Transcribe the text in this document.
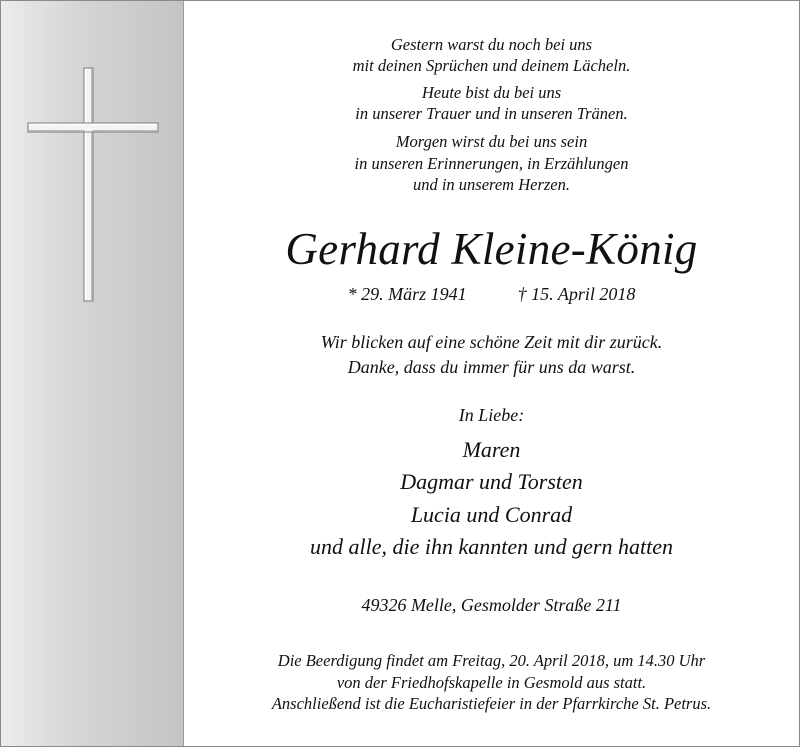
Gestern warst du noch bei uns
mit deinen Sprüchen und deinem Lächeln.
Heute bist du bei uns
in unserer Trauer und in unseren Tränen.
Morgen wirst du bei uns sein
in unseren Erinnerungen, in Erzählungen
und in unserem Herzen.
Gerhard Kleine-König
* 29. März 1941	† 15. April 2018
Wir blicken auf eine schöne Zeit mit dir zurück.
Danke, dass du immer für uns da warst.
In Liebe:
Maren
Dagmar und Torsten
Lucia und Conrad
und alle, die ihn kannten und gern hatten
49326 Melle, Gesmolder Straße 211
Die Beerdigung findet am Freitag, 20. April 2018, um 14.30 Uhr
von der Friedhofskapelle in Gesmold aus statt.
Anschließend ist die Eucharistiefeier in der Pfarrkirche St. Petrus.
